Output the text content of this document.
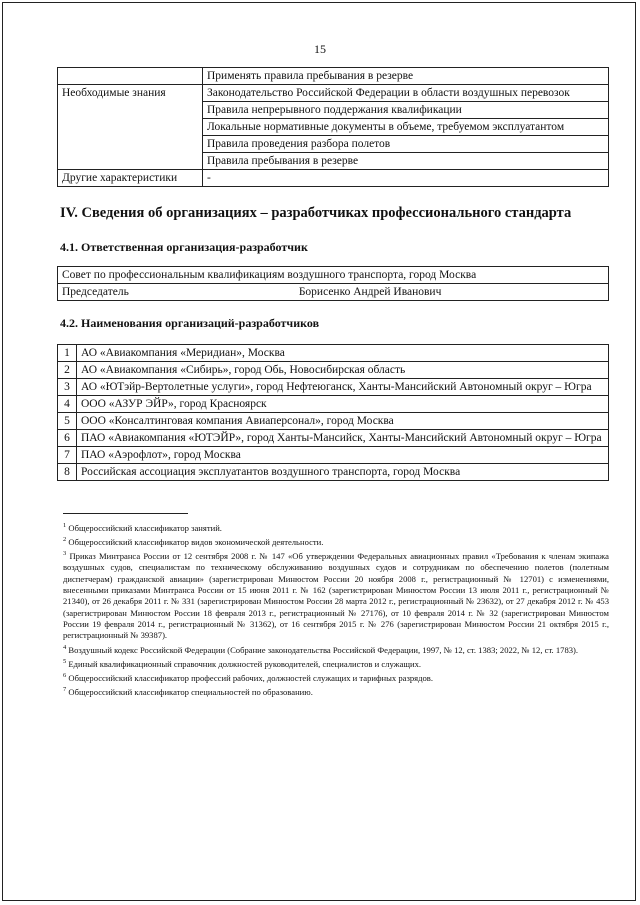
15
	Применять правила пребывания в резерве
Необходимые знания	Законодательство Российской Федерации в области воздушных перевозок
	Правила непрерывного поддержания квалификации
	Локальные нормативные документы в объеме, требуемом эксплуатантом
	Правила проведения разбора полетов
	Правила пребывания в резерве
Другие характеристики	-
IV. Сведения об организациях – разработчиках профессионального стандарта
4.1. Ответственная организация-разработчик
Совет по профессиональным квалификациям воздушного транспорта, город Москва
Председатель	Борисенко Андрей Иванович
4.2. Наименования организаций-разработчиков
1	АО «Авиакомпания «Меридиан», Москва
2	АО «Авиакомпания «Сибирь», город Обь, Новосибирская область
3	АО «ЮТэйр-Вертолетные услуги», город Нефтеюганск, Ханты-Мансийский Автономный округ – Югра
4	ООО «АЗУР ЭЙР», город Красноярск
5	ООО «Консалтинговая компания Авиаперсонал», город Москва
6	ПАО «Авиакомпания «ЮТЭЙР», город Ханты-Мансийск, Ханты-Мансийский Автономный округ – Югра
7	ПАО «Аэрофлот», город Москва
8	Российская ассоциация эксплуатантов воздушного транспорта, город Москва

$^1$ Общероссийский классификатор занятий.

$^2$ Общероссийский классификатор видов экономической деятельности.

$^3$ Приказ Минтранса России от 12 сентября 2008 г. № 147 «Об утверждении Федеральных авиационных правил «Требования к членам экипажа воздушных судов, специалистам по техническому обслуживанию воздушных судов и сотрудникам по обеспечению полетов (полетным диспетчерам) гражданской авиации» (зарегистрирован Минюстом России 20 ноября 2008 г., регистрационный № 12701) с изменениями, внесенными приказами Минтранса России от 15 июня 2011 г. № 162 (зарегистрирован Минюстом России 13 июля 2011 г., регистрационный № 21340), от 26 декабря 2011 г. № 331 (зарегистрирован Минюстом России 28 марта 2012 г., регистрационный № 23632), от 27 декабря 2012 г. № 453 (зарегистрирован Минюстом России 18 февраля 2013 г., регистрационный № 27176), от 10 февраля 2014 г. № 32 (зарегистрирован Минюстом России 19 февраля 2014 г., регистрационный № 31362), от 16 сентября 2015 г. № 276 (зарегистрирован Минюстом России 21 октября 2015 г., регистрационный № 39387).

$^4$ Воздушный кодекс Российской Федерации (Собрание законодательства Российской Федерации, 1997, № 12, ст. 1383; 2022, № 12, ст. 1783).

$^5$ Единый квалификационный справочник должностей руководителей, специалистов и служащих.

$^6$ Общероссийский классификатор профессий рабочих, должностей служащих и тарифных разрядов.

$^7$ Общероссийский классификатор специальностей по образованию.
